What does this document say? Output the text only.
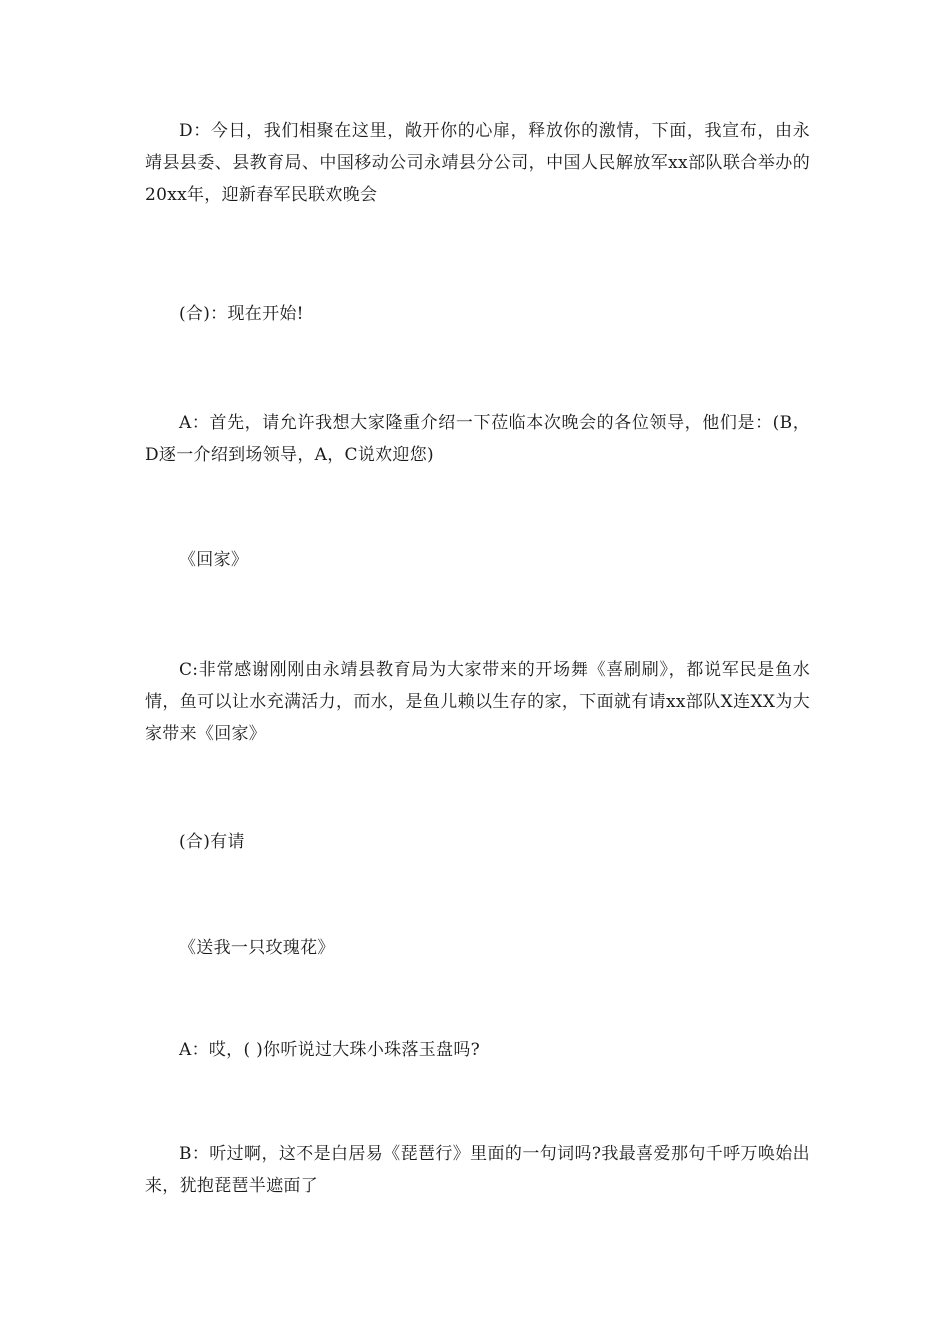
D：今日，我们相聚在这里，敞开你的心扉，释放你的激情，下面，我宣布，由永靖县县委、县教育局、中国移动公司永靖县分公司，中国人民解放军xx部队联合举办的20xx年，迎新春军民联欢晚会

(合)：现在开始!

A：首先，请允许我想大家隆重介绍一下莅临本次晚会的各位领导，他们是：(B，D逐一介绍到场领导，A，C说欢迎您)

《回家》

C:非常感谢刚刚由永靖县教育局为大家带来的开场舞《喜刷刷》，都说军民是鱼水情，鱼可以让水充满活力，而水，是鱼儿赖以生存的家，下面就有请xx部队X连XX为大家带来《回家》

(合)有请

《送我一只玫瑰花》

A：哎，( )你听说过大珠小珠落玉盘吗?

B：听过啊，这不是白居易《琵琶行》里面的一句词吗?我最喜爱那句千呼万唤始出来，犹抱琵琶半遮面了
